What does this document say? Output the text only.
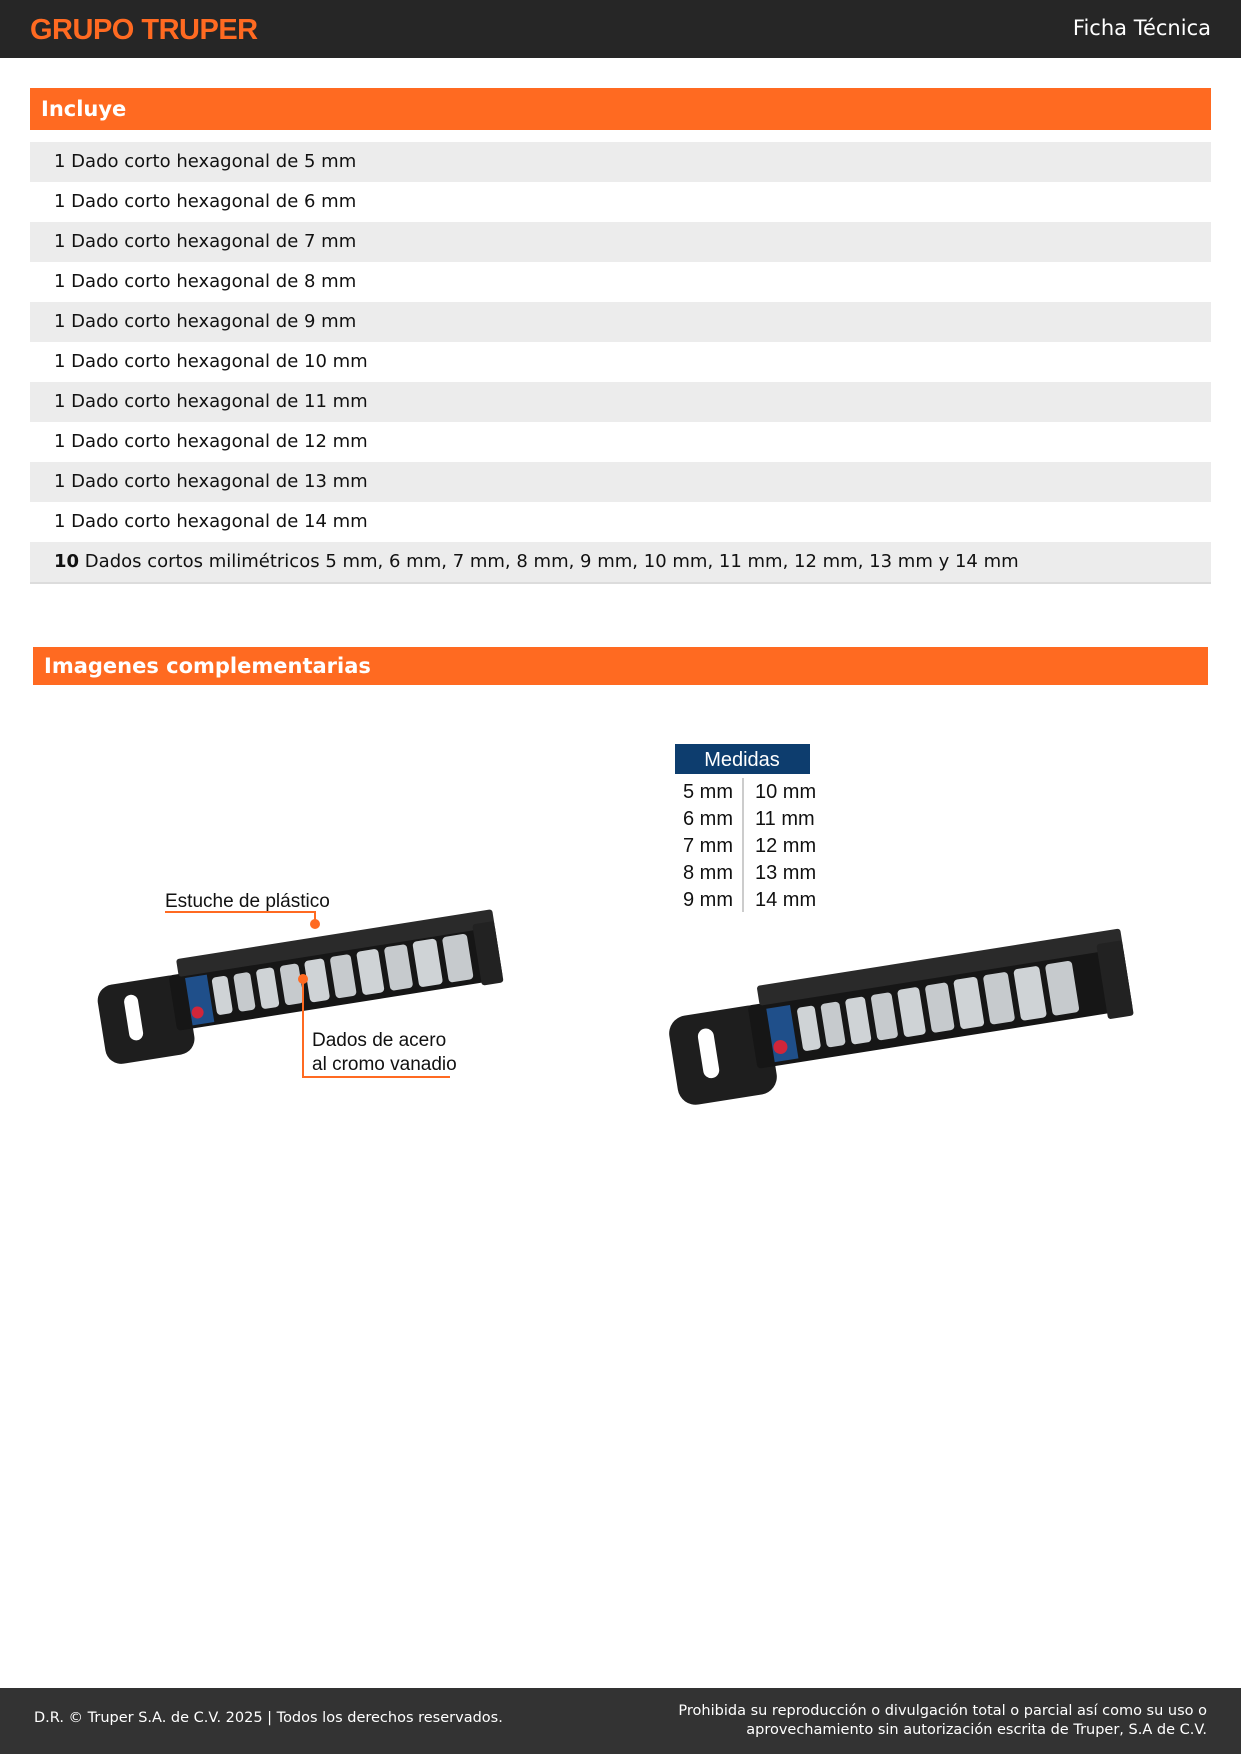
GRUPO TRUPER	Ficha Técnica
Incluye
1 Dado corto hexagonal de 5 mm
1 Dado corto hexagonal de 6 mm
1 Dado corto hexagonal de 7 mm
1 Dado corto hexagonal de 8 mm
1 Dado corto hexagonal de 9 mm
1 Dado corto hexagonal de 10 mm
1 Dado corto hexagonal de 11 mm
1 Dado corto hexagonal de 12 mm
1 Dado corto hexagonal de 13 mm
1 Dado corto hexagonal de 14 mm
10 Dados cortos milimétricos 5 mm, 6 mm, 7 mm, 8 mm, 9 mm, 10 mm, 11 mm, 12 mm, 13 mm y 14 mm
Imagenes complementarias
Estuche de plástico
Dados de acero
al cromo vanadio
Medidas
5 mm
6 mm
7 mm
8 mm
9 mm
10 mm
11 mm
12 mm
13 mm
14 mm
D.R. © Truper S.A. de C.V. 2025 | Todos los derechos reservados.	Prohibida su reproducción o divulgación total o parcial así como su uso o
aprovechamiento sin autorización escrita de Truper, S.A de C.V.
